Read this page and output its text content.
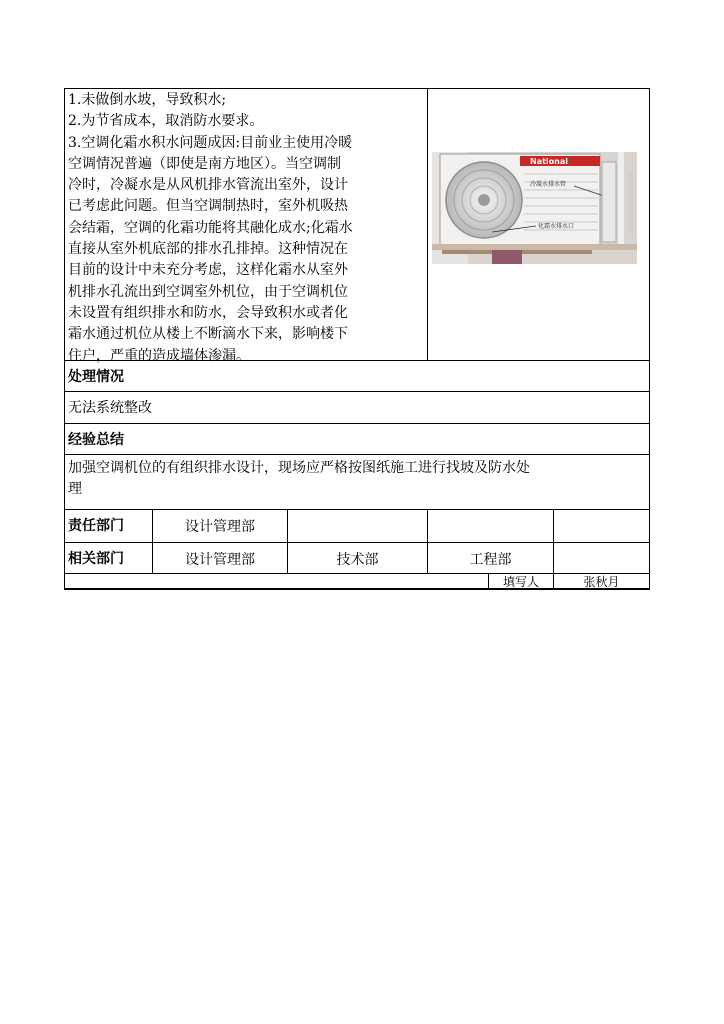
1.未做倒水坡，导致积水;
2.为节省成本，取消防水要求。
3.空调化霜水积水问题成因:目前业主使用冷暖
空调情况普遍（即使是南方地区）。当空调制
冷时，冷凝水是从风机排水管流出室外，设计
已考虑此问题。但当空调制热时，室外机吸热
会结霜，空调的化霜功能将其融化成水;化霜水
直接从室外机底部的排水孔排掉。这种情况在
目前的设计中未充分考虑，这样化霜水从室外
机排水孔流出到空调室外机位，由于空调机位
未设置有组织排水和防水，会导致积水或者化
霜水通过机位从楼上不断滴水下来，影响楼下
住户，严重的造成墙体渗漏。
National
冷凝水排水管
化霜水排水口
处理情况
无法系统整改
经验总结
加强空调机位的有组织排水设计，现场应严格按图纸施工进行找坡及防水处
理
责任部门	设计管理部
相关部门	设计管理部	技术部	工程部
填写人	张秋月
